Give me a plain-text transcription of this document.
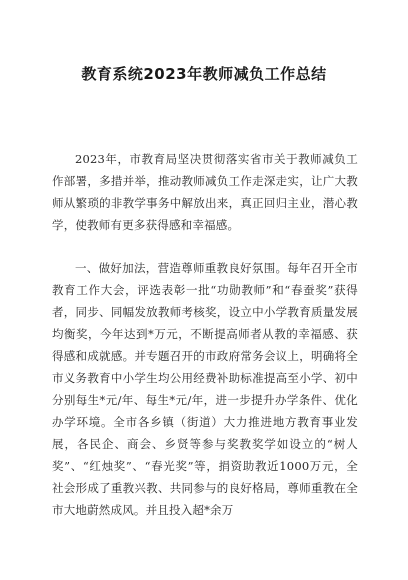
教育系统2023年教师减负工作总结

2023年，市教育局坚决贯彻落实省市关于教师减负工作部署，多措并举，推动教师减负工作走深走实，让广大教师从繁琐的非教学事务中解放出来，真正回归主业，潜心教学，使教师有更多获得感和幸福感。

一、做好加法，营造尊师重教良好氛围。每年召开全市教育工作大会，评选表彰一批“功勋教师”和“春蚕奖”获得者，同步、同幅发放教师考核奖，设立中小学教育质量发展均衡奖，今年达到*万元，不断提高师者从教的幸福感、获得感和成就感。并专题召开的市政府常务会议上，明确将全市义务教育中小学生均公用经费补助标准提高至小学、初中分别每生*元/年、每生*元/年，进一步提升办学条件、优化办学环境。全市各乡镇（街道）大力推进地方教育事业发展，各民企、商会、乡贤等参与奖教奖学如设立的“树人奖”、“红烛奖”、“春光奖”等，捐资助教近1000万元，全社会形成了重教兴教、共同参与的良好格局，尊师重教在全市大地蔚然成风。并且投入超*余万
